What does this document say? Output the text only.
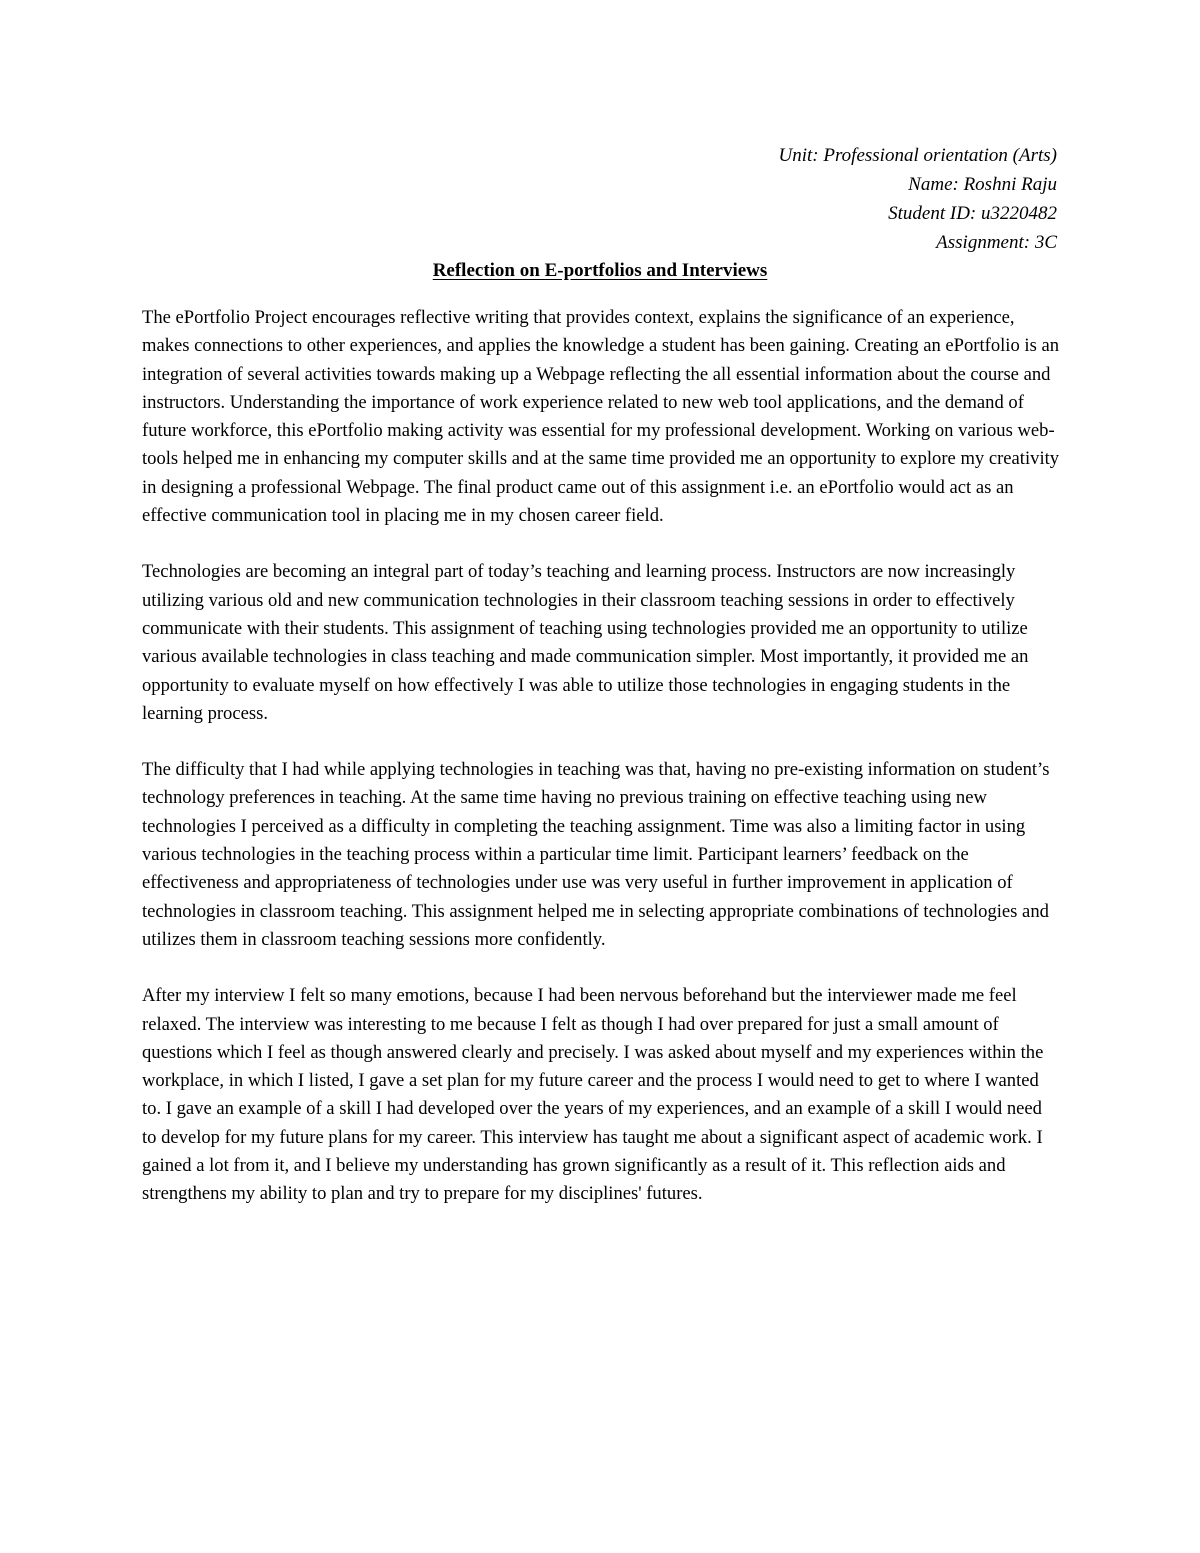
Unit: Professional orientation (Arts)
Name: Roshni Raju
Student ID: u3220482
Assignment: 3C
Reflection on E-portfolios and Interviews

The ePortfolio Project encourages reflective writing that provides context, explains the significance of an experience, makes connections to other experiences, and applies the knowledge a student has been gaining. Creating an ePortfolio is an integration of several activities towards making up a Webpage reflecting the all essential information about the course and instructors. Understanding the importance of work experience related to new web tool applications, and the demand of future workforce, this ePortfolio making activity was essential for my professional development. Working on various web-tools helped me in enhancing my computer skills and at the same time provided me an opportunity to explore my creativity in designing a professional Webpage. The final product came out of this assignment i.e. an ePortfolio would act as an effective communication tool in placing me in my chosen career field.

Technologies are becoming an integral part of today’s teaching and learning process. Instructors are now increasingly utilizing various old and new communication technologies in their classroom teaching sessions in order to effectively communicate with their students. This assignment of teaching using technologies provided me an opportunity to utilize various available technologies in class teaching and made communication simpler. Most importantly, it provided me an opportunity to evaluate myself on how effectively I was able to utilize those technologies in engaging students in the learning process.

The difficulty that I had while applying technologies in teaching was that, having no pre-existing information on student’s technology preferences in teaching. At the same time having no previous training on effective teaching using new technologies I perceived as a difficulty in completing the teaching assignment. Time was also a limiting factor in using various technologies in the teaching process within a particular time limit. Participant learners’ feedback on the effectiveness and appropriateness of technologies under use was very useful in further improvement in application of technologies in classroom teaching. This assignment helped me in selecting appropriate combinations of technologies and utilizes them in classroom teaching sessions more confidently.

After my interview I felt so many emotions, because I had been nervous beforehand but the interviewer made me feel relaxed. The interview was interesting to me because I felt as though I had over prepared for just a small amount of questions which I feel as though answered clearly and precisely. I was asked about myself and my experiences within the workplace, in which I listed, I gave a set plan for my future career and the process I would need to get to where I wanted to. I gave an example of a skill I had developed over the years of my experiences, and an example of a skill I would need to develop for my future plans for my career. This interview has taught me about a significant aspect of academic work. I gained a lot from it, and I believe my understanding has grown significantly as a result of it. This reflection aids and strengthens my ability to plan and try to prepare for my disciplines' futures.
